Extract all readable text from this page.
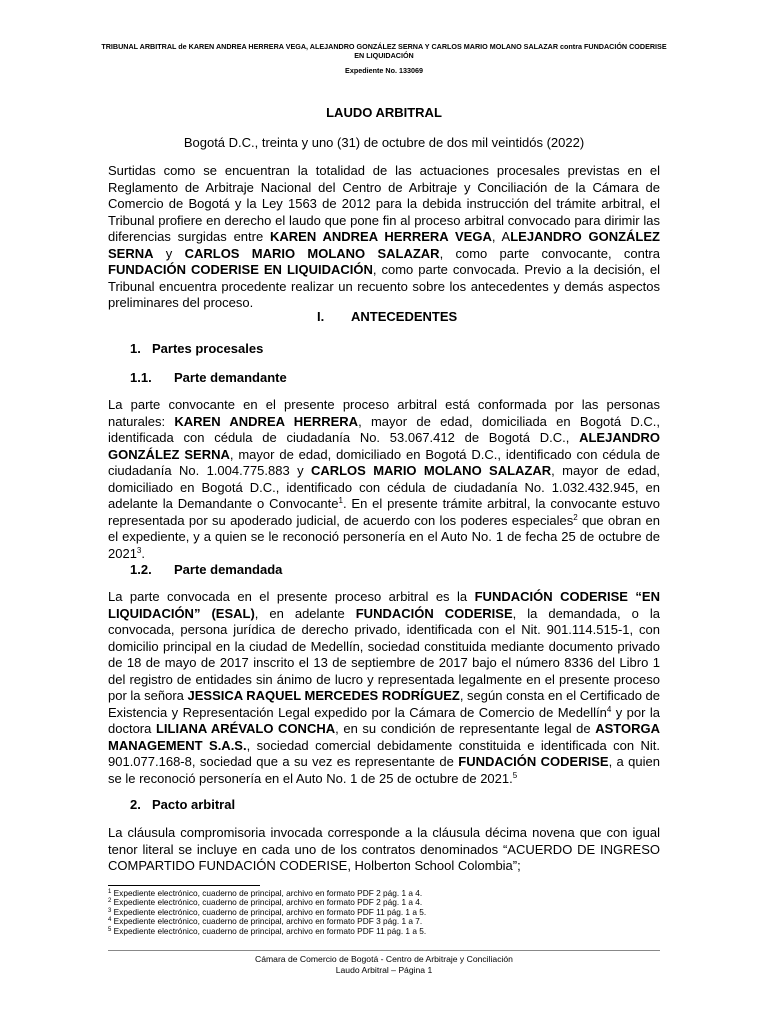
TRIBUNAL ARBITRAL de KAREN ANDREA HERRERA VEGA, ALEJANDRO GONZÁLEZ SERNA Y CARLOS MARIO MOLANO SALAZAR contra FUNDACIÓN CODERISE EN LIQUIDACIÓN
Expediente No. 133069
LAUDO ARBITRAL
Bogotá D.C., treinta y uno (31) de octubre de dos mil veintidós (2022)

Surtidas como se encuentran la totalidad de las actuaciones procesales previstas en el Reglamento de Arbitraje Nacional del Centro de Arbitraje y Conciliación de la Cámara de Comercio de Bogotá y la Ley 1563 de 2012 para la debida instrucción del trámite arbitral, el Tribunal profiere en derecho el laudo que pone fin al proceso arbitral convocado para dirimir las diferencias surgidas entre KAREN ANDREA HERRERA VEGA, ALEJANDRO GONZÁLEZ SERNA y CARLOS MARIO MOLANO SALAZAR, como parte convocante, contra FUNDACIÓN CODERISE EN LIQUIDACIÓN, como parte convocada. Previo a la decisión, el Tribunal encuentra procedente realizar un recuento sobre los antecedentes y demás aspectos preliminares del proceso.

I. ANTECEDENTES
1. Partes procesales
1.1. Parte demandante

La parte convocante en el presente proceso arbitral está conformada por las personas naturales: KAREN ANDREA HERRERA, mayor de edad, domiciliada en Bogotá D.C., identificada con cédula de ciudadanía No. 53.067.412 de Bogotá D.C., ALEJANDRO GONZÁLEZ SERNA, mayor de edad, domiciliado en Bogotá D.C., identificado con cédula de ciudadanía No. 1.004.775.883 y CARLOS MARIO MOLANO SALAZAR, mayor de edad, domiciliado en Bogotá D.C., identificado con cédula de ciudadanía No. 1.032.432.945, en adelante la Demandante o Convocante$^1$. En el presente trámite arbitral, la convocante estuvo representada por su apoderado judicial, de acuerdo con los poderes especiales$^2$ que obran en el expediente, y a quien se le reconoció personería en el Auto No. 1 de fecha 25 de octubre de 2021$^3$.

1.2. Parte demandada

La parte convocada en el presente proceso arbitral es la FUNDACIÓN CODERISE “EN LIQUIDACIÓN” (ESAL), en adelante FUNDACIÓN CODERISE, la demandada, o la convocada, persona jurídica de derecho privado, identificada con el Nit. 901.114.515-1, con domicilio principal en la ciudad de Medellín, sociedad constituida mediante documento privado de 18 de mayo de 2017 inscrito el 13 de septiembre de 2017 bajo el número 8336 del Libro 1 del registro de entidades sin ánimo de lucro y representada legalmente en el presente proceso por la señora JESSICA RAQUEL MERCEDES RODRÍGUEZ, según consta en el Certificado de Existencia y Representación Legal expedido por la Cámara de Comercio de Medellín$^4$ y por la doctora LILIANA ARÉVALO CONCHA, en su condición de representante legal de ASTORGA MANAGEMENT S.A.S., sociedad comercial debidamente constituida e identificada con Nit. 901.077.168-8, sociedad que a su vez es representante de FUNDACIÓN CODERISE, a quien se le reconoció personería en el Auto No. 1 de 25 de octubre de 2021.$^5$

2. Pacto arbitral

La cláusula compromisoria invocada corresponde a la cláusula décima novena que con igual tenor literal se incluye en cada uno de los contratos denominados “ACUERDO DE INGRESO COMPARTIDO FUNDACIÓN CODERISE, Holberton School Colombia”;

$^1$ Expediente electrónico, cuaderno de principal, archivo en formato PDF 2 pág. 1 a 4.
$^2$ Expediente electrónico, cuaderno de principal, archivo en formato PDF 2 pág. 1 a 4.
$^3$ Expediente electrónico, cuaderno de principal, archivo en formato PDF 11 pág. 1 a 5.
$^4$ Expediente electrónico, cuaderno de principal, archivo en formato PDF 3 pág. 1 a 7.
$^5$ Expediente electrónico, cuaderno de principal, archivo en formato PDF 11 pág. 1 a 5.
Cámara de Comercio de Bogotá - Centro de Arbitraje y Conciliación
Laudo Arbitral – Página 1
